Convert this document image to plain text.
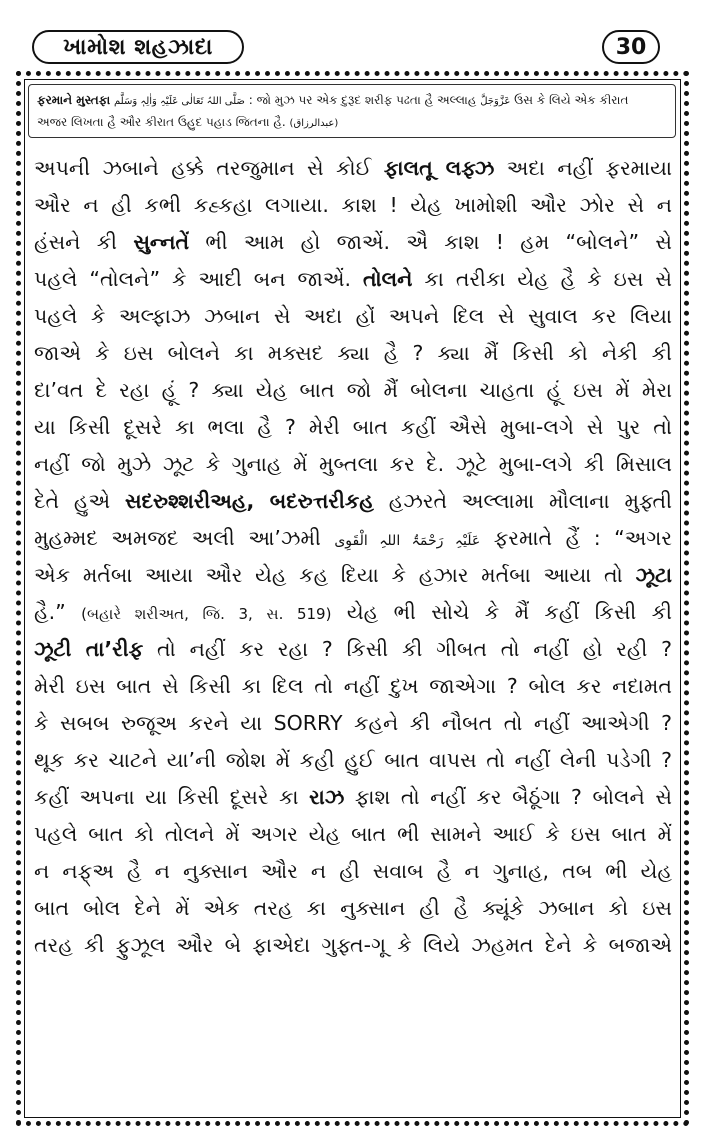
ખામોશ શહઝાદા	30
ફરમાને મુસ્તફા صَلَّی اللہُ تَعَالٰی عَلَیْہِ وَاٰلِہٖ وَسَلَّم : જો મુઝ પર એક દુરૂદ શરીફ પઢતા હૈ અલ્લાહ عَزَّوَجَلَّ ઉસ કે લિયે એક કીરાત
અજર લિખતા હૈ ઔર કીરાત ઉહુદ પહાડ જિતના હૈ. (عبدالرزاق)
અપની ઝબાને હક્કે તરજુમાન સે કોઈ ફાલતૂ લફ્ઝ અદા નહીં ફરમાયા
ઔર ન હી કભી કહ્કહા લગાયા. કાશ ! યેહ ખામોશી ઔર ઝોર સે ન
હંસને કી સુન્નતેં ભી આમ હો જાએં. ઐ કાશ ! હમ “બોલને” સે
પહલે “તોલને” કે આદી બન જાએં. તોલને કા તરીકા યેહ હૈ કે ઇસ સે
પહલે કે અલ્ફાઝ ઝબાન સે અદા હોં અપને દિલ સે સુવાલ કર લિયા
જાએ કે ઇસ બોલને કા મક્સદ ક્યા હૈ ? ક્યા મૈં કિસી કો નેકી કી
દા’વત દે રહા હૂં ? ક્યા યેહ બાત જો મૈં બોલના ચાહતા હૂં ઇસ મેં મેરા
યા કિસી દૂસરે કા ભલા હૈ ? મેરી બાત કહીં ઐસે મુબા-લગે સે પુર તો
નહીં જો મુઝે ઝૂટ કે ગુનાહ મેં મુબ્તલા કર દે. ઝૂટે મુબા-લગે કી મિસાલ
દેતે હુએ સદરુશ્શરીઅહ, બદરુત્તરીકહ હઝરતે અલ્લામા મૌલાના મુફ્તી
મુહમ્મદ અમજદ અલી આ’ઝમી عَلَیْہِ رَحْمَۃُ اللہِ الْقَوِی ફરમાતે હૈં : “અગર
એક મર્તબા આયા ઔર યેહ કહ દિયા કે હઝાર મર્તબા આયા તો ઝૂટા
હૈ.” (બહારે શરીઅત, જિ. 3, સ. 519) યેહ ભી સોચે કે મૈં કહીં કિસી કી
ઝૂટી તા’રીફ તો નહીં કર રહા ? કિસી કી ગીબત તો નહીં હો રહી ?
મેરી ઇસ બાત સે કિસી કા દિલ તો નહીં દુખ જાએગા ? બોલ કર નદામત
કે સબબ રુજૂઅ કરને યા SORRY કહને કી નૌબત તો નહીં આએગી ?
થૂક કર ચાટને યા’ની જોશ મેં કહી હુઈ બાત વાપસ તો નહીં લેની પડેગી ?
કહીં અપના યા કિસી દૂસરે કા રાઝ ફાશ તો નહીં કર બૈઠૂંગા ? બોલને સે
પહલે બાત કો તોલને મેં અગર યેહ બાત ભી સામને આઈ કે ઇસ બાત મેં
ન નફ્અ હૈ ન નુક્સાન ઔર ન હી સવાબ હૈ ન ગુનાહ, તબ ભી યેહ
બાત બોલ દેને મેં એક તરહ કા નુક્સાન હી હૈ ક્યૂંકે ઝબાન કો ઇસ
તરહ કી ફુઝૂલ ઔર બે ફાએદા ગુફ્ત-ગૂ કે લિયે ઝહમત દેને કે બજાએ
